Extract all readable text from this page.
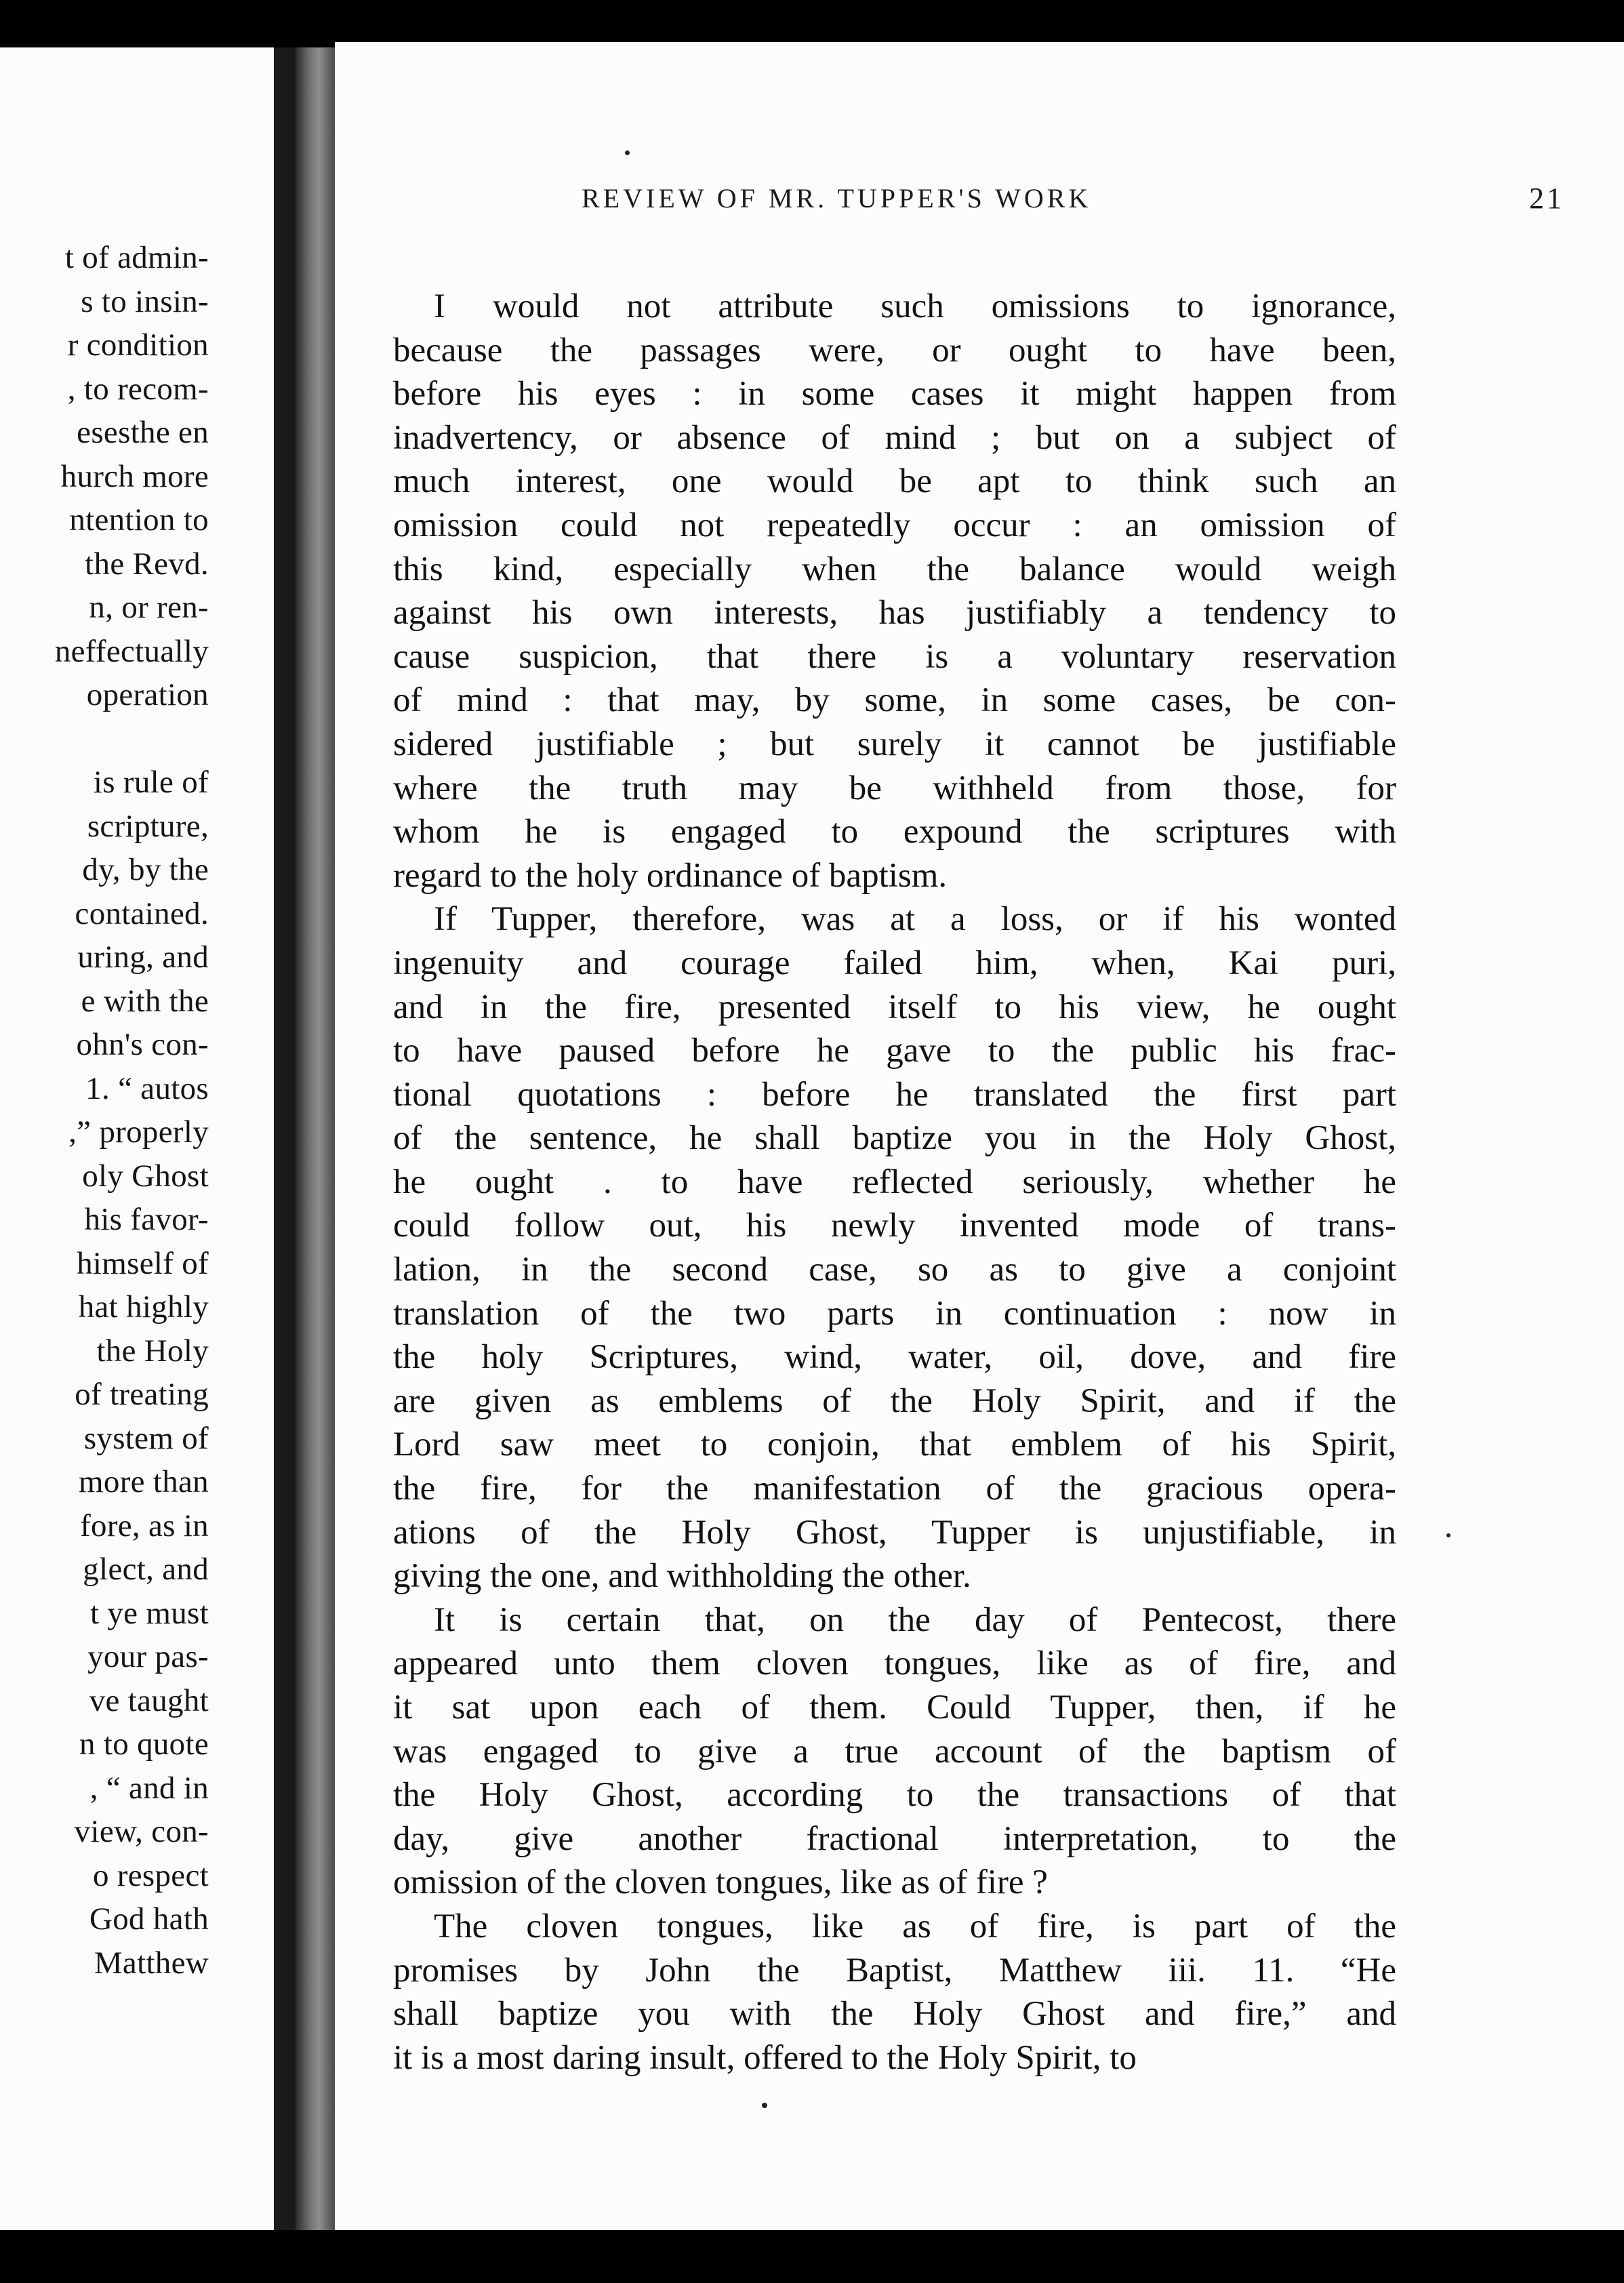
t of admin-
s to insin-
r condition
, to recom-
esesthe en
hurch more
ntention to
the Revd.
n, or ren-
neffectually
operation
is rule of
scripture,
dy, by the
contained.
uring, and
e with the
ohn's con-
1. “ autos
,” properly
oly Ghost
his favor-
himself of
hat highly
the Holy
of treating
system of
more than
fore, as in
glect, and
t ye must
your pas-
ve taught
n to quote
, “ and in
view, con-
o respect
God hath
Matthew
REVIEW OF MR. TUPPER'S WORK	21
I would not attribute such omissions to ignorance,
because the passages were, or ought to have been,
before his eyes : in some cases it might happen from
inadvertency, or absence of mind ; but on a subject of
much interest, one would be apt to think such an
omission could not repeatedly occur : an omission of
this kind, especially when the balance would weigh
against his own interests, has justifiably a tendency to
cause suspicion, that there is a voluntary reservation
of mind : that may, by some, in some cases, be con-
sidered justifiable ; but surely it cannot be justifiable
where the truth may be withheld from those, for
whom he is engaged to expound the scriptures with
regard to the holy ordinance of baptism.
If Tupper, therefore, was at a loss, or if his wonted
ingenuity and courage failed him, when, Kai puri,
and in the fire, presented itself to his view, he ought
to have paused before he gave to the public his frac-
tional quotations : before he translated the first part
of the sentence, he shall baptize you in the Holy Ghost,
he ought . to have reflected seriously, whether he
could follow out, his newly invented mode of trans-
lation, in the second case, so as to give a conjoint
translation of the two parts in continuation : now in
the holy Scriptures, wind, water, oil, dove, and fire
are given as emblems of the Holy Spirit, and if the
Lord saw meet to conjoin, that emblem of his Spirit,
the fire, for the manifestation of the gracious opera-
ations of the Holy Ghost, Tupper is unjustifiable, in
giving the one, and withholding the other.
It is certain that, on the day of Pentecost, there
appeared unto them cloven tongues, like as of fire, and
it sat upon each of them. Could Tupper, then, if he
was engaged to give a true account of the baptism of
the Holy Ghost, according to the transactions of that
day, give another fractional interpretation, to the
omission of the cloven tongues, like as of fire ?
The cloven tongues, like as of fire, is part of the
promises by John the Baptist, Matthew iii. 11. “He
shall baptize you with the Holy Ghost and fire,” and
it is a most daring insult, offered to the Holy Spirit, to
